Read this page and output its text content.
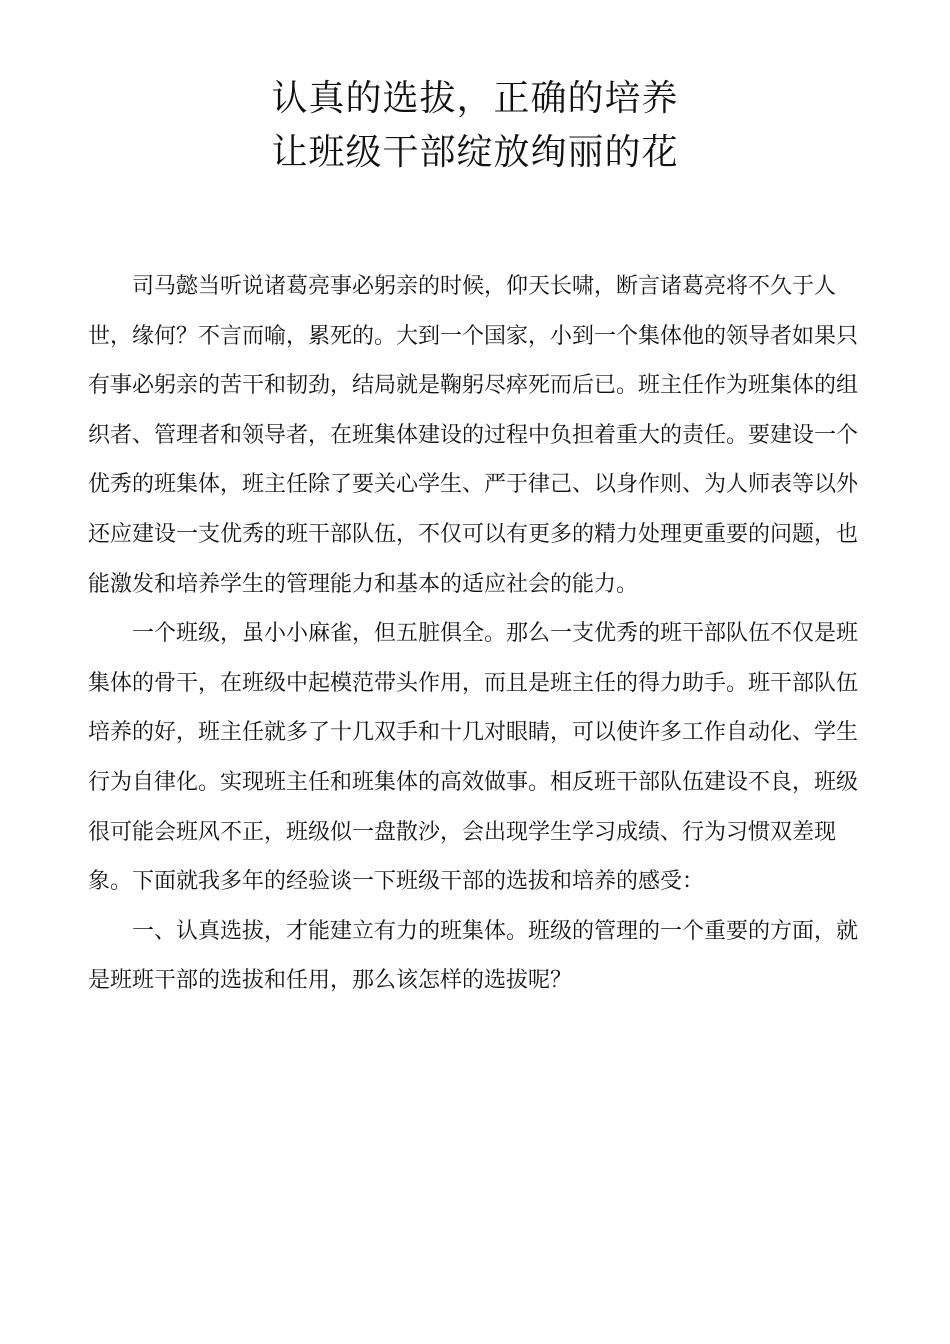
认真的选拔，正确的培养
让班级干部绽放绚丽的花

司马懿当听说诸葛亮事必躬亲的时候，仰天长啸，断言诸葛亮将不久于人世，缘何？不言而喻，累死的。大到一个国家，小到一个集体他的领导者如果只有事必躬亲的苦干和韧劲，结局就是鞠躬尽瘁死而后已。班主任作为班集体的组织者、管理者和领导者，在班集体建设的过程中负担着重大的责任。要建设一个优秀的班集体，班主任除了要关心学生、严于律己、以身作则、为人师表等以外还应建设一支优秀的班干部队伍，不仅可以有更多的精力处理更重要的问题，也能激发和培养学生的管理能力和基本的适应社会的能力。

一个班级，虽小小麻雀，但五脏俱全。那么一支优秀的班干部队伍不仅是班集体的骨干，在班级中起模范带头作用，而且是班主任的得力助手。班干部队伍培养的好，班主任就多了十几双手和十几对眼睛，可以使许多工作自动化、学生行为自律化。实现班主任和班集体的高效做事。相反班干部队伍建设不良，班级很可能会班风不正，班级似一盘散沙，会出现学生学习成绩、行为习惯双差现象。下面就我多年的经验谈一下班级干部的选拔和培养的感受：

一、认真选拔，才能建立有力的班集体。班级的管理的一个重要的方面，就是班班干部的选拔和任用，那么该怎样的选拔呢？
